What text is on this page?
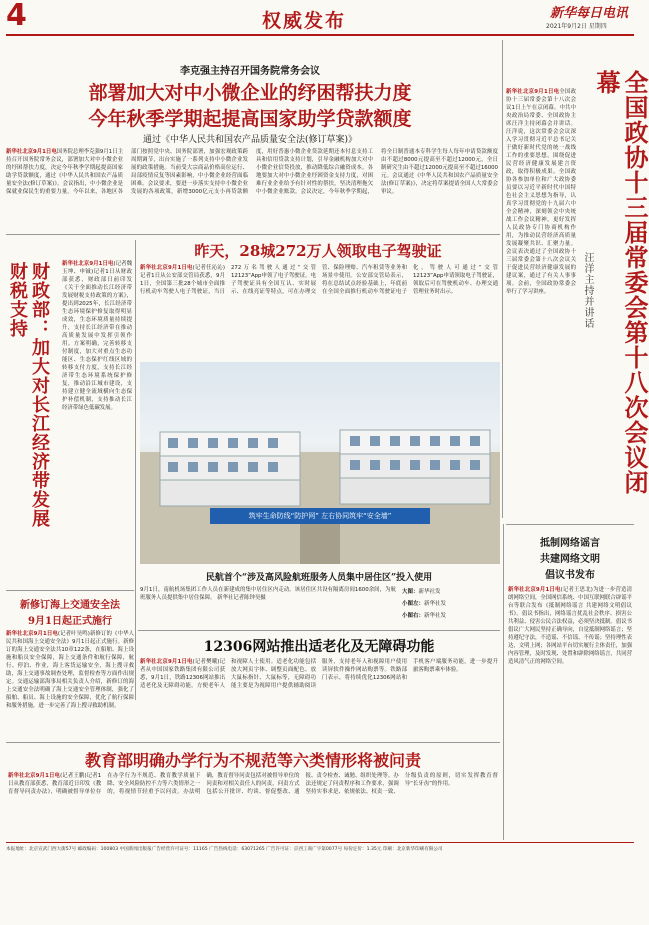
4	权威发布	新华每日电讯
2021年9月2日 星期四
李克强主持召开国务院常务会议
部署加大对中小微企业的纾困帮扶力度
今年秋季学期起提高国家助学贷款额度
通过《中华人民共和国农产品质量安全法(修订草案)》
新华社北京9月1日电国务院总理李克强9月1日主持召开国务院常务会议，部署加大对中小微企业的纾困帮扶力度，决定今年秋季学期起提高国家助学贷款额度，通过《中华人民共和国农产品质量安全法(修订草案)》。会议指出，中小微企业是保就业保民生的重要力量。今年以来，各地区各部门按照党中央、国务院部署，加强宏观政策跨周期调节，出台实施了一系列支持中小微企业发展的政策措施。当前受大宗商品价格高位运行、局部疫情反复等因素影响，中小微企业经营面临困难。会议要求，要进一步落实支持中小微企业发展的各项政策，新增3000亿元支小再贷款额度，用好普惠小微企业贷款延期还本付息支持工具和信用贷款支持计划，引导金融机构加大对中小微企业信贷投放，推动降低综合融资成本。各地要加大对中小微企业纾困资金支持力度，对困难行业企业给予有针对性的帮扶，坚决清理拖欠中小微企业账款。会议决定，今年秋季学期起，将全日制普通本专科学生每人每年申请贷款额度由不超过8000元提高至不超过12000元，全日制研究生由不超过12000元提高至不超过16000元。会议通过《中华人民共和国农产品质量安全法(修订草案)》，决定将草案提请全国人大常委会审议。
新华社北京9月1日电全国政协十三届常委会第十八次会议1日上午在京闭幕。中共中央政治局常委、全国政协主席汪洋主持闭幕会并讲话。汪洋说，这次常委会会议深入学习贯彻习近平总书记关于做好新时代党的统一战线工作的重要思想，围绕促进民营经济健康发展建言资政，取得积极成果。全国政协各参加单位和广大政协委员要以习近平新时代中国特色社会主义思想为指导，认真学习贯彻党的十九届六中全会精神，深刻领会中央统战工作会议精神，更好发挥人民政协专门协商机构作用，为推动民营经济高质量发展凝聚共识、汇聚力量。会议表决通过了全国政协十三届常委会第十八次会议关于促进民营经济健康发展的建议案，通过了有关人事事项。会前，全国政协常委会举行了学习讲座。	全国政协十三届常委会第十八次会议闭幕
汪洋主持并讲话
财政部：加大对长江经济带发展财税支持	新华社北京9月1日电(记者魏玉坤、申铖)记者1日从财政部获悉，财政部日前印发《关于全面推动长江经济带发展财税支持政策的方案》，提出到2025年，长江经济带生态环境保护修复取得明显成效，生态环境质量持续提升，支持长江经济带在推动高质量发展中发挥引领作用。方案明确，完善转移支付制度，加大对重点生态功能区、生态保护红线区域的转移支付力度，支持长江经济带生态环境系统保护修复，推动沿江城市建设，支持建立健全流域横向生态保护补偿机制，支持推动长江经济带绿色低碳发展。
昨天，28城272万人领取电子驾驶证
新华社北京9月1日电(记者任沁沁)记者1日从公安部交管局获悉，9月1日，全国第三批28个城市全面推行机动车驾驶人电子驾驶证，当日272万名驾驶人通过“交管12123”App申领了电子驾驶证。电子驾驶证具有全国互认、实时展示、在线亮证等特点，可在办理交管、保险理赔、汽车租赁等业务和场景中使用。公安部交管局表示，将在总结试点经验基础上，年底前在全国全面推行机动车驾驶证电子化。驾驶人可通过“交管12123”App申请领取电子驾驶证，领取后可在驾驶机动车、办理交通管理业务时出示。
筑牢生命防线“防护网” 左右协同筑牢“安全墙”
民航首个“涉及高风险航班服务人员集中居住区”投入使用
9月1日，南航机场集团工作人员在新建成的集中居住区内走动。该居住区共设有隔离房间1600余间，为航班服务人员提供集中居住保障。 新华社记者陈钟昊摄
大图：新华社发
小图左：新华社发
小图右：新华社发
新修订海上交通安全法
9月1日起正式施行
新华社北京9月1日电(记者叶昊鸣)新修订的《中华人民共和国海上交通安全法》9月1日起正式施行。新修订的海上交通安全法共10章122条，在船舶、海上设施和船员安全保障，海上交通条件和航行保障，航行、停泊、作业，海上客货运输安全，海上搜寻救助，海上交通事故调查处理，监督检查等方面作出规定。交通运输部海事局相关负责人介绍，新修订的海上交通安全法明确了海上交通安全管理体制，强化了船舶、船员、海上设施的安全保障，优化了航行保障和服务措施，进一步完善了海上搜寻救助机制。
12306网站推出适老化及无障碍功能
新华社北京9月1日电(记者樊曦)记者从中国国家铁路集团有限公司获悉，9月1日，铁路12306网站推出适老化及无障碍功能，方便老年人和视障人士使用。适老化功能包括放大网页字体、调整页面配色、放大鼠标指针、大鼠标等，无障碍功能主要是为视障用户提供辅助阅读服务，支持老年人和视障用户使用读屏软件操作网站购票等。铁路部门表示，将持续优化12306网站和手机客户端服务功能，进一步提升旅客购票乘车体验。
抵制网络谣言
共建网络文明
倡议书发布
新华社北京9月1日电(记者王思北)为进一步营造清朗网络空间，全国网信系统、中国互联网联合辟谣平台等联合发布《抵制网络谣言 共建网络文明倡议书》。倡议书指出，网络谣言扰乱社会秩序、损害公共利益、侵害公民合法权益，必须坚决抵制。倡议书倡议广大网民坚持正确导向，自觉抵制网络谣言；坚持遵纪守法，不造谣、不信谣、不传谣；坚持理性表达，文明上网；各网站平台切实履行主体责任，加强内容管理，及时发现、处置和辟除网络谣言，共同营造风清气正的网络空间。
教育部明确办学行为不规范等六类情形将被问责
新华社北京9月1日电(记者王鹏)记者1日从教育部获悉，教育部近日印发《教育督导问责办法》，明确被督导单位存在办学行为不规范、教育教学质量下降、安全风险防控不力等六类情形之一的，将视情节轻重予以问责。办法明确，教育督导问责包括对被督导单位的问责和对相关责任人的问责，问责方式包括公开批评、约谈、督促整改、通报、责令检查、诫勉、组织处理等。办法还规定了问责程序和工作要求，强调坚持实事求是、依规依法、权责一致、分级负责的原则，切实发挥教育督导“长牙齿”的作用。
本报地址：北京宣武门西大街57号 邮政编码：100803 中国新闻出版报广告经营许可证号：11165 广告热线电话：63071265 广告许可证：京西工商广字第0077号 每份定价：1.35元 印刷：北京新华印刷有限公司
